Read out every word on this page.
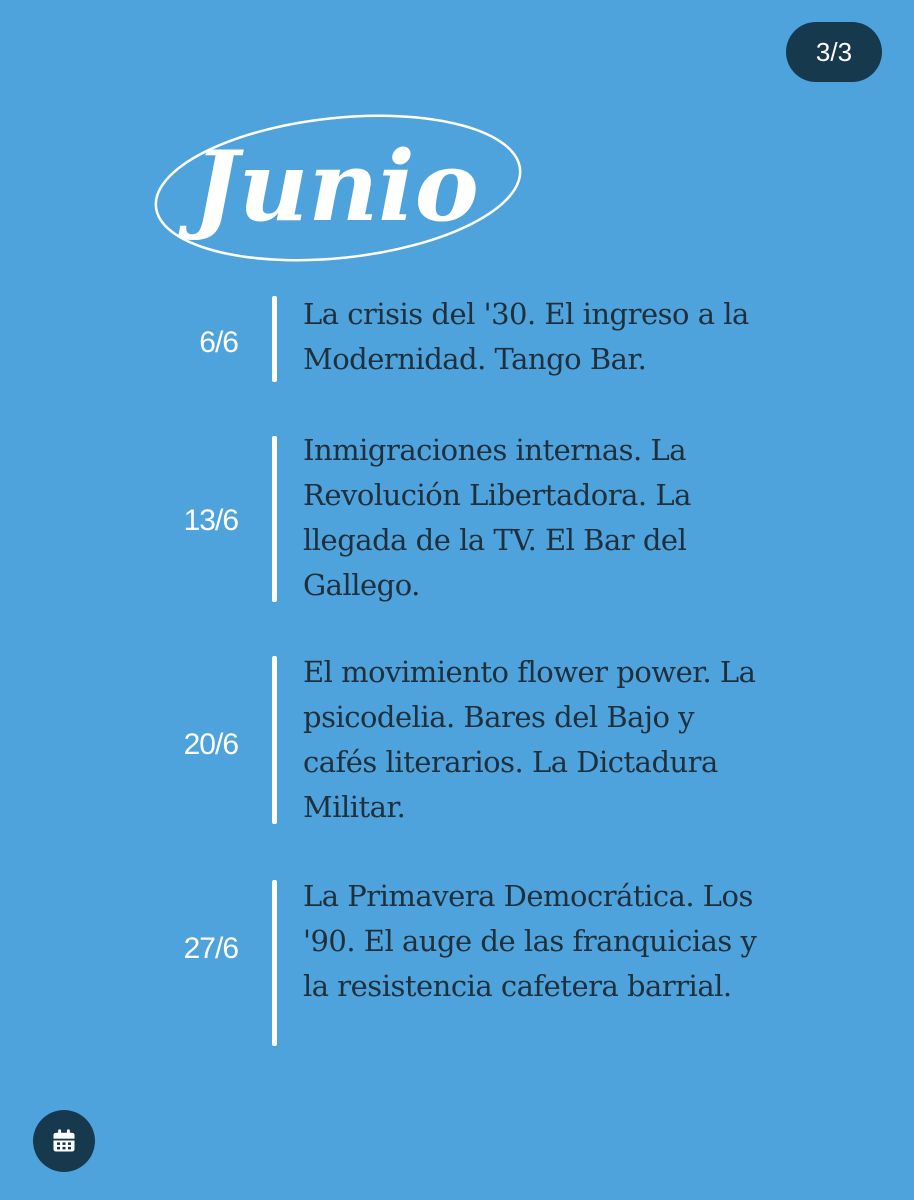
3/3
Junio
6/6
La crisis del '30. El ingreso a la Modernidad. Tango Bar.
13/6
Inmigraciones internas. La Revolución Libertadora. La llegada de la TV. El Bar del Gallego.
20/6
El movimiento flower power. La psicodelia. Bares del Bajo y cafés literarios. La Dictadura Militar.
27/6
La Primavera Democrática. Los '90. El auge de las franquicias y la resistencia cafetera barrial.
